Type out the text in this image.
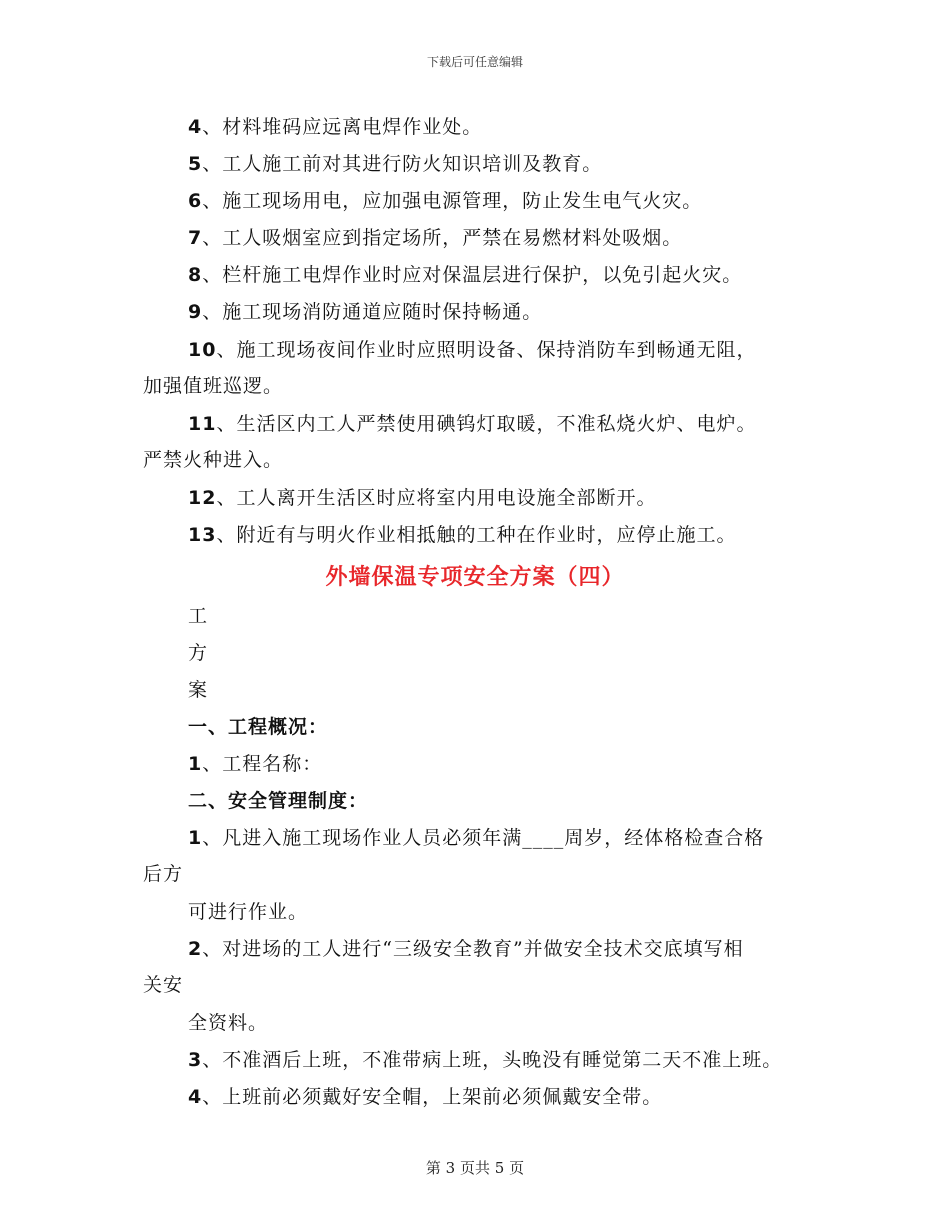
下载后可任意编辑
4、材料堆码应远离电焊作业处。
5、工人施工前对其进行防火知识培训及教育。
6、施工现场用电，应加强电源管理，防止发生电气火灾。
7、工人吸烟室应到指定场所，严禁在易燃材料处吸烟。
8、栏杆施工电焊作业时应对保温层进行保护，以免引起火灾。
9、施工现场消防通道应随时保持畅通。
10、施工现场夜间作业时应照明设备、保持消防车到畅通无阻，
加强值班巡逻。
11、生活区内工人严禁使用碘钨灯取暖，不准私烧火炉、电炉。
严禁火种进入。
12、工人离开生活区时应将室内用电设施全部断开。
13、附近有与明火作业相抵触的工种在作业时，应停止施工。
外墙保温专项安全方案（四）
工
方
案
一、工程概况：
1、工程名称：
二、安全管理制度：
1、凡进入施工现场作业人员必须年满____周岁，经体格检查合格
后方
可进行作业。
2、对进场的工人进行“三级安全教育”并做安全技术交底填写相
关安
全资料。
3、不准酒后上班，不准带病上班，头晚没有睡觉第二天不准上班。
4、上班前必须戴好安全帽，上架前必须佩戴安全带。
第 3 页共 5 页
